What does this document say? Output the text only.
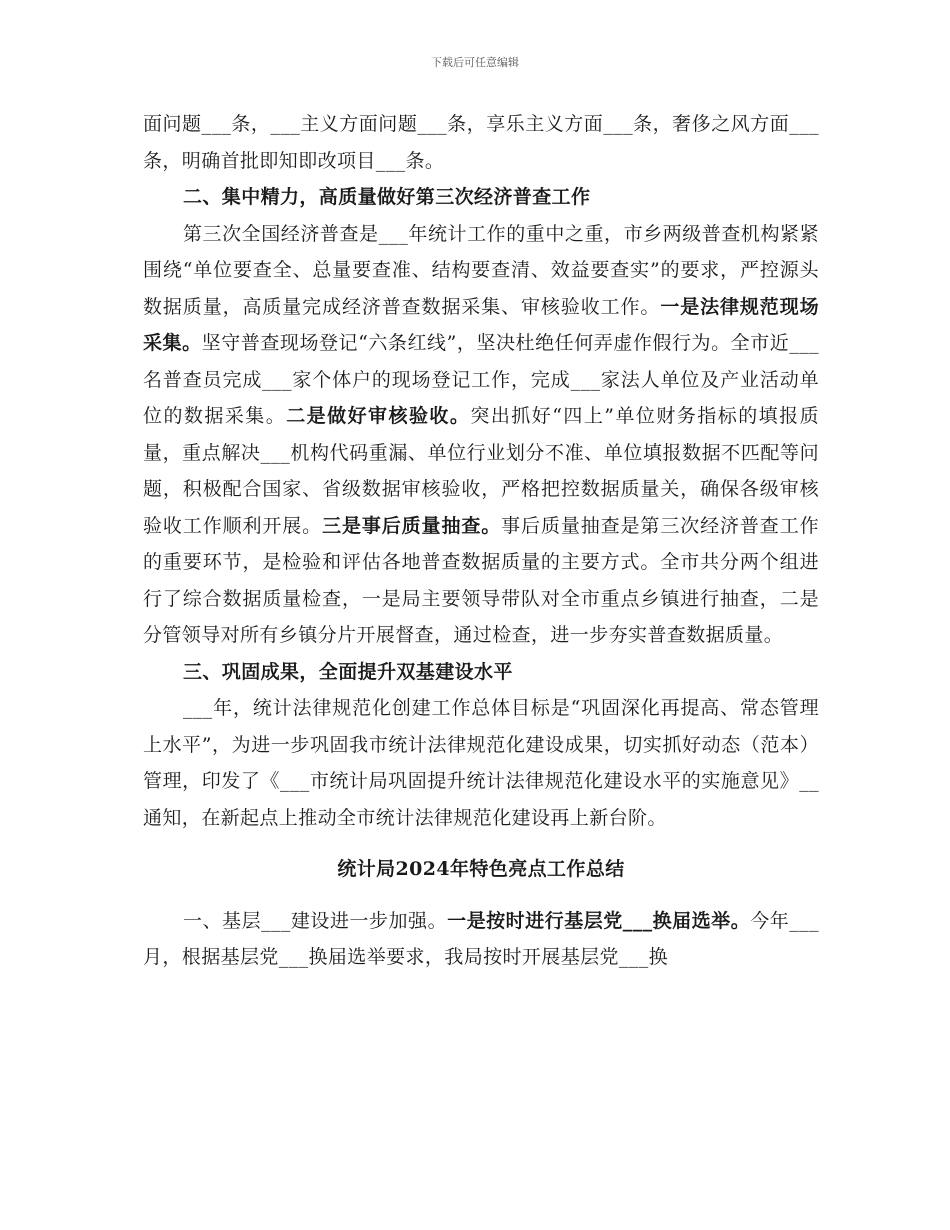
下载后可任意编辑

面问题___条，___主义方面问题___条，享乐主义方面___条，奢侈之风方面___条，明确首批即知即改项目___条。

二、集中精力，高质量做好第三次经济普查工作

第三次全国经济普查是___年统计工作的重中之重，市乡两级普查机构紧紧围绕“单位要查全、总量要查准、结构要查清、效益要查实”的要求，严控源头数据质量，高质量完成经济普查数据采集、审核验收工作。一是法律规范现场采集。坚守普查现场登记“六条红线”，坚决杜绝任何弄虚作假行为。全市近___名普查员完成___家个体户的现场登记工作，完成___家法人单位及产业活动单位的数据采集。二是做好审核验收。突出抓好“四上”单位财务指标的填报质量，重点解决___机构代码重漏、单位行业划分不准、单位填报数据不匹配等问题，积极配合国家、省级数据审核验收，严格把控数据质量关，确保各级审核验收工作顺利开展。三是事后质量抽查。事后质量抽查是第三次经济普查工作的重要环节，是检验和评估各地普查数据质量的主要方式。全市共分两个组进行了综合数据质量检查，一是局主要领导带队对全市重点乡镇进行抽查，二是分管领导对所有乡镇分片开展督查，通过检查，进一步夯实普查数据质量。

三、巩固成果，全面提升双基建设水平

___年，统计法律规范化创建工作总体目标是“巩固深化再提高、常态管理上水平”，为进一步巩固我市统计法律规范化建设成果，切实抓好动态（范本）管理，印发了《___市统计局巩固提升统计法律规范化建设水平的实施意见》__通知，在新起点上推动全市统计法律规范化建设再上新台阶。

统计局2024年特色亮点工作总结

一、基层___建设进一步加强。一是按时进行基层党___换届选举。今年___月，根据基层党___换届选举要求，我局按时开展基层党___换
